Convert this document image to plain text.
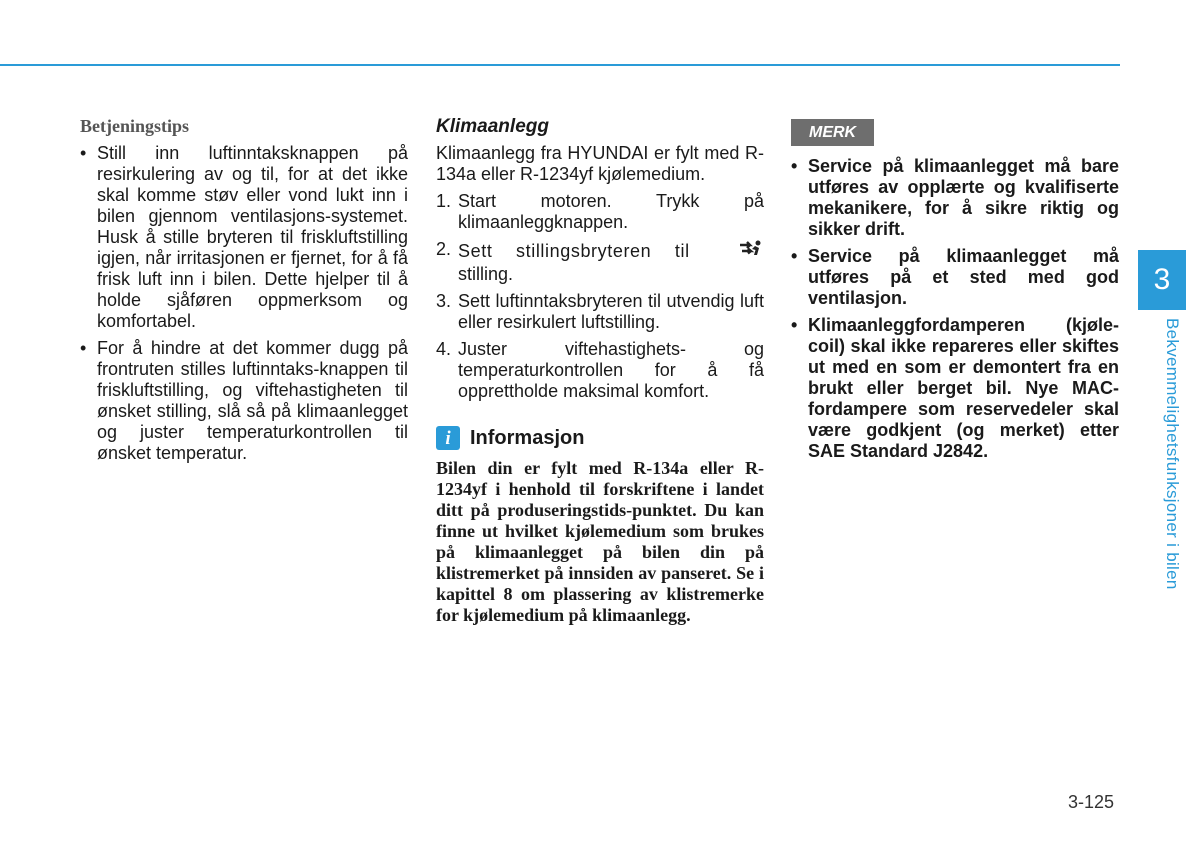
Betjeningstips
• Still inn luftinntaksknappen på resirkulering av og til, for at det ikke skal komme støv eller vond lukt inn i bilen gjennom ventilasjons-systemet. Husk å stille bryteren til friskluftstilling igjen, når irritasjonen er fjernet, for å få frisk luft inn i bilen. Dette hjelper til å holde sjåføren oppmerksom og komfortabel.
• For å hindre at det kommer dugg på frontruten stilles luftinntaks-knappen til friskluftstilling, og viftehastigheten til ønsket stilling, slå så på klimaanlegget og juster temperaturkontrollen til ønsket temperatur.
Klimaanlegg

Klimaanlegg fra HYUNDAI er fylt med R-134a eller R-1234yf kjølemedium.

1. Start motoren. Trykk på klimaanleggknappen.
2. Sett stillingsbryteren til
stilling.
3. Sett luftinntaksbryteren til utvendig luft eller resirkulert luftstilling.
4. Juster viftehastighets- og temperaturkontrollen for å få opprettholde maksimal komfort.
i Informasjon

Bilen din er fylt med R-134a eller R-1234yf i henhold til forskriftene i landet ditt på produseringstids-punktet. Du kan finne ut hvilket kjølemedium som brukes på klimaanlegget på bilen din på klistremerket på innsiden av panseret. Se i kapittel 8 om plassering av klistremerke for kjølemedium på klimaanlegg.

MERK
• Service på klimaanlegget må bare utføres av opplærte og kvalifiserte mekanikere, for å sikre riktig og sikker drift.
• Service på klimaanlegget må utføres på et sted med god ventilasjon.
• Klimaanleggfordamperen (kjøle-coil) skal ikke repareres eller skiftes ut med en som er demontert fra en brukt eller berget bil. Nye MAC-fordampere som reservedeler skal være godkjent (og merket) etter SAE Standard J2842.
3
Bekvemmelighetsfunksjoner i bilen
3-125
